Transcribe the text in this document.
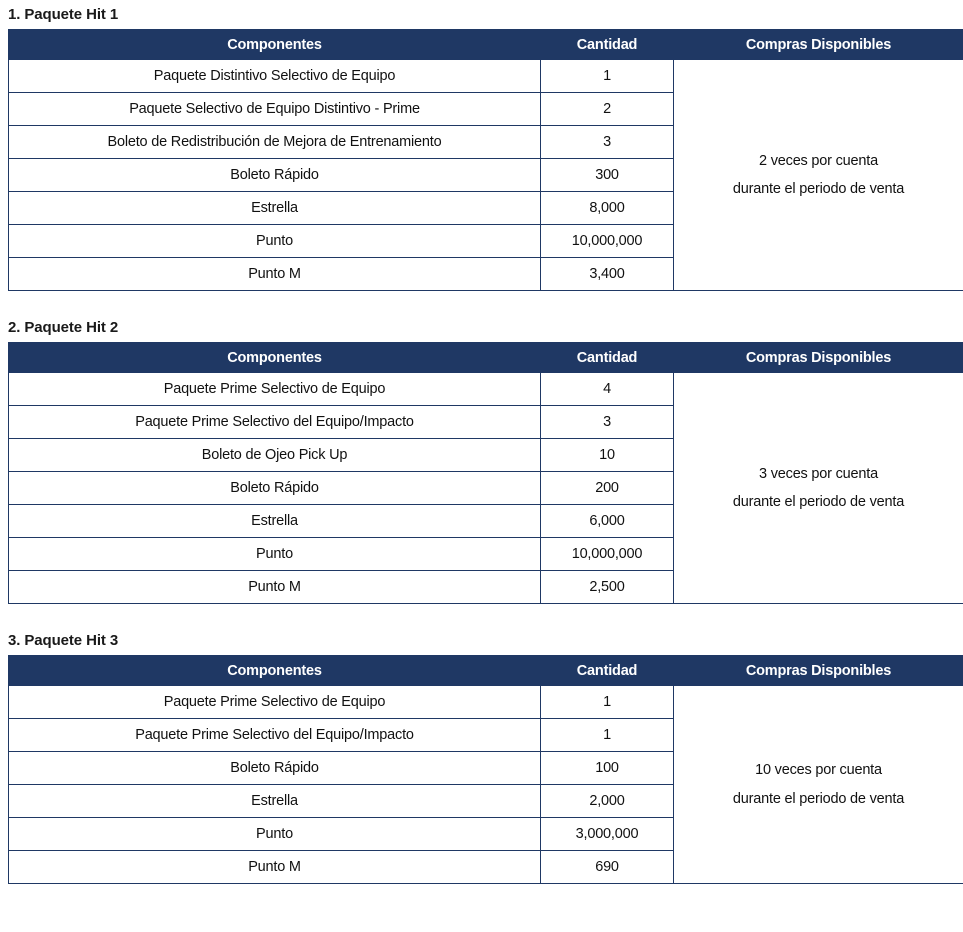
1. Paquete Hit 1
Componentes	Cantidad	Compras Disponibles
Paquete Distintivo Selectivo de Equipo	1	2 veces por cuenta
durante el periodo de venta

Paquete Selectivo de Equipo Distintivo - Prime	2	
Boleto de Redistribución de Mejora de Entrenamiento	3	
Boleto Rápido	300	
Estrella	8,000	
Punto	10,000,000	
Punto M	3,400	
2. Paquete Hit 2
Componentes	Cantidad	Compras Disponibles
Paquete Prime Selectivo de Equipo	4	3 veces por cuenta
durante el periodo de venta

Paquete Prime Selectivo del Equipo/Impacto	3	
Boleto de Ojeo Pick Up	10	
Boleto Rápido	200	
Estrella	6,000	
Punto	10,000,000	
Punto M	2,500	
3. Paquete Hit 3
Componentes	Cantidad	Compras Disponibles
Paquete Prime Selectivo de Equipo	1	10 veces por cuenta
durante el periodo de venta

Paquete Prime Selectivo del Equipo/Impacto	1	
Boleto Rápido	100	
Estrella	2,000	
Punto	3,000,000	
Punto M	690	
